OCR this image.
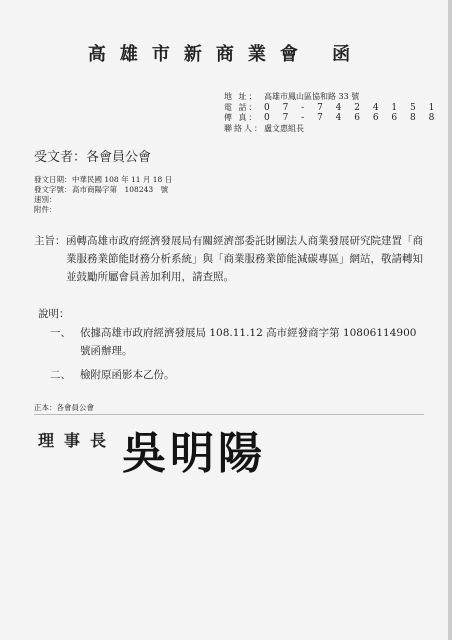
高雄市新商業會 函
地 址： 高雄市鳳山區協和路 33 號
電 話： 0 7 - 7 4 2 4 1 5 1
傳 真： 0 7 - 7 4 6 6 6 8 8
聯絡人：盧文惠組長
受文者：各會員公會
發文日期：中華民國 108 年 11 月 18 日
發文字號：高市商陽字第　108243　號
速別：
附件：
主旨： 函轉高雄市政府經濟發展局有關經濟部委託財團法人商業發展研究院建置「商業服務業節能財務分析系統」與「商業服務業節能減碳專區」網站，敬請轉知並鼓勵所屬會員善加利用，請查照。
說明：
一、 依據高雄市政府經濟發展局 108.11.12 高市經發商字第 10806114900 號函辦理。
二、 檢附原函影本乙份。
正本：各會員公會
理事長 吳明陽
